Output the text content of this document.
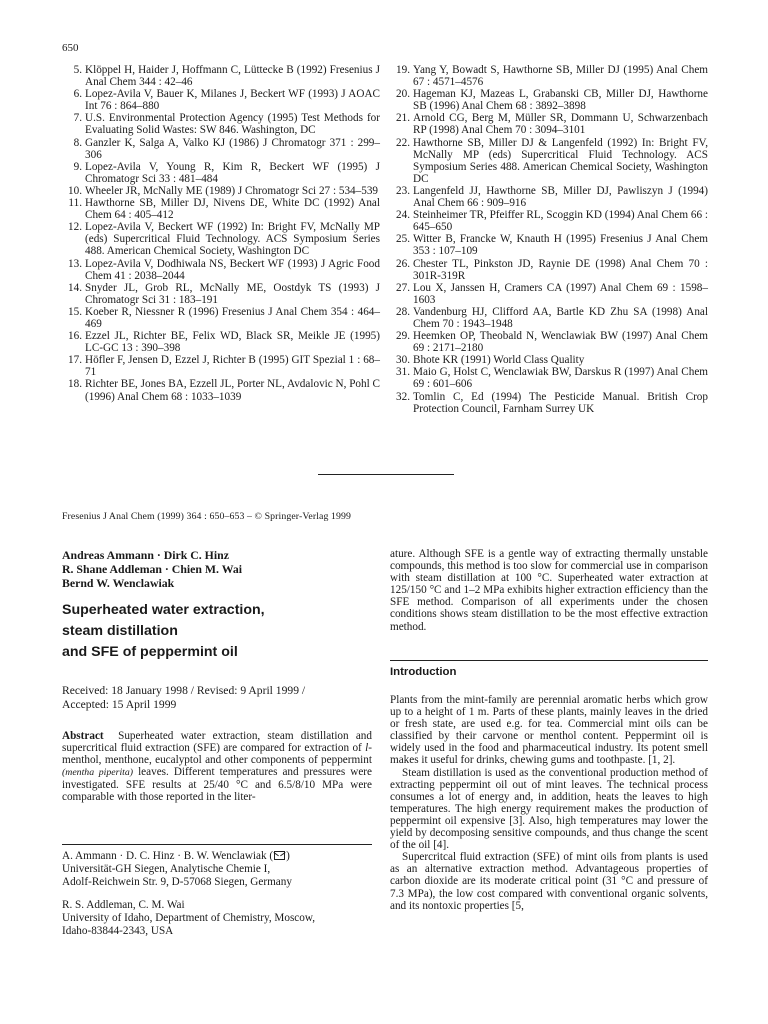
650
5. Klöppel H, Haider J, Hoffmann C, Lüttecke B (1992) Fresenius J Anal Chem 344 : 42–46
6. Lopez-Avila V, Bauer K, Milanes J, Beckert WF (1993) J AOAC Int 76 : 864–880
7. U.S. Environmental Protection Agency (1995) Test Methods for Evaluating Solid Wastes: SW 846. Washington, DC
8. Ganzler K, Salga A, Valko KJ (1986) J Chromatogr 371 : 299–306
9. Lopez-Avila V, Young R, Kim R, Beckert WF (1995) J Chromatogr Sci 33 : 481–484
10. Wheeler JR, McNally ME (1989) J Chromatogr Sci 27 : 534–539
11. Hawthorne SB, Miller DJ, Nivens DE, White DC (1992) Anal Chem 64 : 405–412
12. Lopez-Avila V, Beckert WF (1992) In: Bright FV, McNally MP (eds) Supercritical Fluid Technology. ACS Symposium Series 488. American Chemical Society, Washington DC
13. Lopez-Avila V, Dodhiwala NS, Beckert WF (1993) J Agric Food Chem 41 : 2038–2044
14. Snyder JL, Grob RL, McNally ME, Oostdyk TS (1993) J Chromatogr Sci 31 : 183–191
15. Koeber R, Niessner R (1996) Fresenius J Anal Chem 354 : 464–469
16. Ezzel JL, Richter BE, Felix WD, Black SR, Meikle JE (1995) LC-GC 13 : 390–398
17. Höfler F, Jensen D, Ezzel J, Richter B (1995) GIT Spezial 1 : 68–71
18. Richter BE, Jones BA, Ezzell JL, Porter NL, Avdalovic N, Pohl C (1996) Anal Chem 68 : 1033–1039
19. Yang Y, Bowadt S, Hawthorne SB, Miller DJ (1995) Anal Chem 67 : 4571–4576
20. Hageman KJ, Mazeas L, Grabanski CB, Miller DJ, Hawthorne SB (1996) Anal Chem 68 : 3892–3898
21. Arnold CG, Berg M, Müller SR, Dommann U, Schwarzenbach RP (1998) Anal Chem 70 : 3094–3101
22. Hawthorne SB, Miller DJ & Langenfeld (1992) In: Bright FV, McNally MP (eds) Supercritical Fluid Technology. ACS Symposium Series 488. American Chemical Society, Washington DC
23. Langenfeld JJ, Hawthorne SB, Miller DJ, Pawliszyn J (1994) Anal Chem 66 : 909–916
24. Steinheimer TR, Pfeiffer RL, Scoggin KD (1994) Anal Chem 66 : 645–650
25. Witter B, Francke W, Knauth H (1995) Fresenius J Anal Chem 353 : 107–109
26. Chester TL, Pinkston JD, Raynie DE (1998) Anal Chem 70 : 301R-319R
27. Lou X, Janssen H, Cramers CA (1997) Anal Chem 69 : 1598–1603
28. Vandenburg HJ, Clifford AA, Bartle KD Zhu SA (1998) Anal Chem 70 : 1943–1948
29. Heemken OP, Theobald N, Wenclawiak BW (1997) Anal Chem 69 : 2171–2180
30. Bhote KR (1991) World Class Quality
31. Maio G, Holst C, Wenclawiak BW, Darskus R (1997) Anal Chem 69 : 601–606
32. Tomlin C, Ed (1994) The Pesticide Manual. British Crop Protection Council, Farnham Surrey UK
Fresenius J Anal Chem (1999) 364 : 650–653 – © Springer-Verlag 1999
Andreas Ammann · Dirk C. Hinz
R. Shane Addleman · Chien M. Wai
Bernd W. Wenclawiak
Superheated water extraction,
steam distillation
and SFE of peppermint oil
Received: 18 January 1998 / Revised: 9 April 1999 /
Accepted: 15 April 1999
Abstract Superheated water extraction, steam distillation and supercritical fluid extraction (SFE) are compared for extraction of l-menthol, menthone, eucalyptol and other components of peppermint (mentha piperita) leaves. Different temperatures and pressures were investigated. SFE results at 25/40 °C and 6.5/8/10 MPa were comparable with those reported in the liter-
A. Ammann · D. C. Hinz · B. W. Wenclawiak ( )
Universität-GH Siegen, Analytische Chemie I,
Adolf-Reichwein Str. 9, D-57068 Siegen, Germany
R. S. Addleman, C. M. Wai
University of Idaho, Department of Chemistry, Moscow,
Idaho-83844-2343, USA
ature. Although SFE is a gentle way of extracting thermally unstable compounds, this method is too slow for commercial use in comparison with steam distillation at 100 °C. Superheated water extraction at 125/150 °C and 1–2 MPa exhibits higher extraction efficiency than the SFE method. Comparison of all experiments under the chosen conditions shows steam distillation to be the most effective extraction method.
Introduction

Plants from the mint-family are perennial aromatic herbs which grow up to a height of 1 m. Parts of these plants, mainly leaves in the dried or fresh state, are used e.g. for tea. Commercial mint oils can be classified by their carvone or menthol content. Peppermint oil is widely used in the food and pharmaceutical industry. Its potent smell makes it useful for drinks, chewing gums and toothpaste. [1, 2].

Steam distillation is used as the conventional production method of extracting peppermint oil out of mint leaves. The technical process consumes a lot of energy and, in addition, heats the leaves to high temperatures. The high energy requirement makes the production of peppermint oil expensive [3]. Also, high temperatures may lower the yield by decomposing sensitive compounds, and thus change the scent of the oil [4].

Supercritcal fluid extraction (SFE) of mint oils from plants is used as an alternative extraction method. Advantageous properties of carbon dioxide are its moderate critical point (31 °C and pressure of 7.3 MPa), the low cost compared with conventional organic solvents, and its nontoxic properties [5,
